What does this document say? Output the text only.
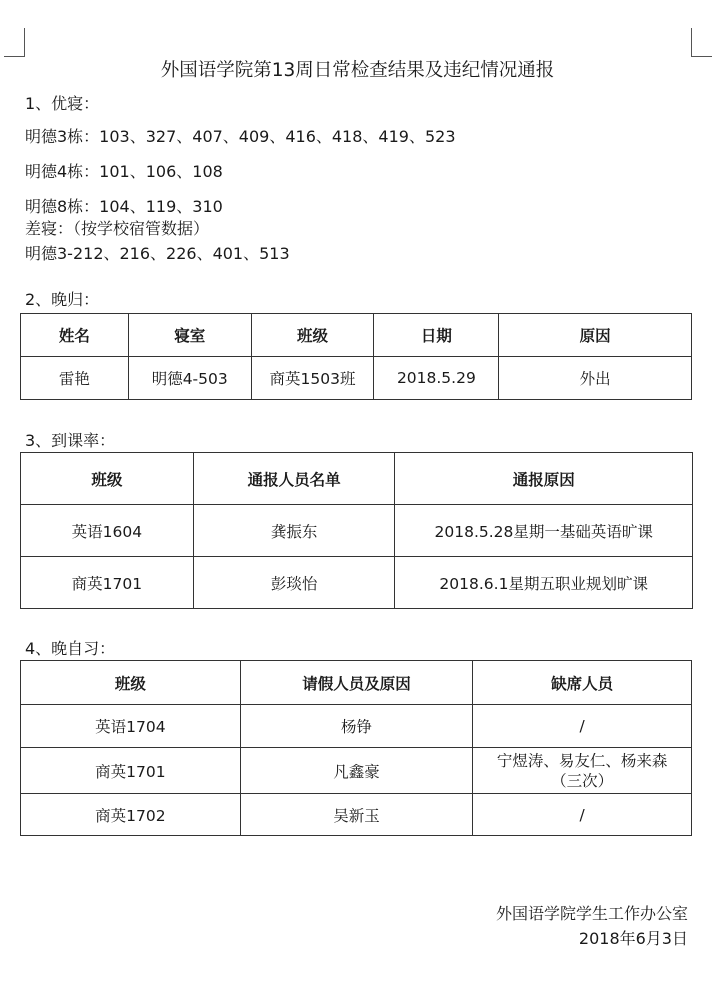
外国语学院第13周日常检查结果及违纪情况通报
1、优寝：
明德3栋：103、327、407、409、416、418、419、523
明德4栋：101、106、108
明德8栋：104、119、310
差寝：（按学校宿管数据）
明德3-212、216、226、401、513
2、晚归：
姓名	寝室	班级	日期	原因
雷艳	明德4-503	商英1503班	2018.5.29	外出
3、到课率：
班级	通报人员名单	通报原因
英语1604	龚振东	2018.5.28星期一基础英语旷课
商英1701	彭琰怡	2018.6.1星期五职业规划旷课
4、晚自习：
班级	请假人员及原因	缺席人员
英语1704	杨铮	/
商英1701	凡鑫豪	宁煜涛、易友仁、杨来森
（三次）
商英1702	吴新玉	/
外国语学院学生工作办公室
2018年6月3日
